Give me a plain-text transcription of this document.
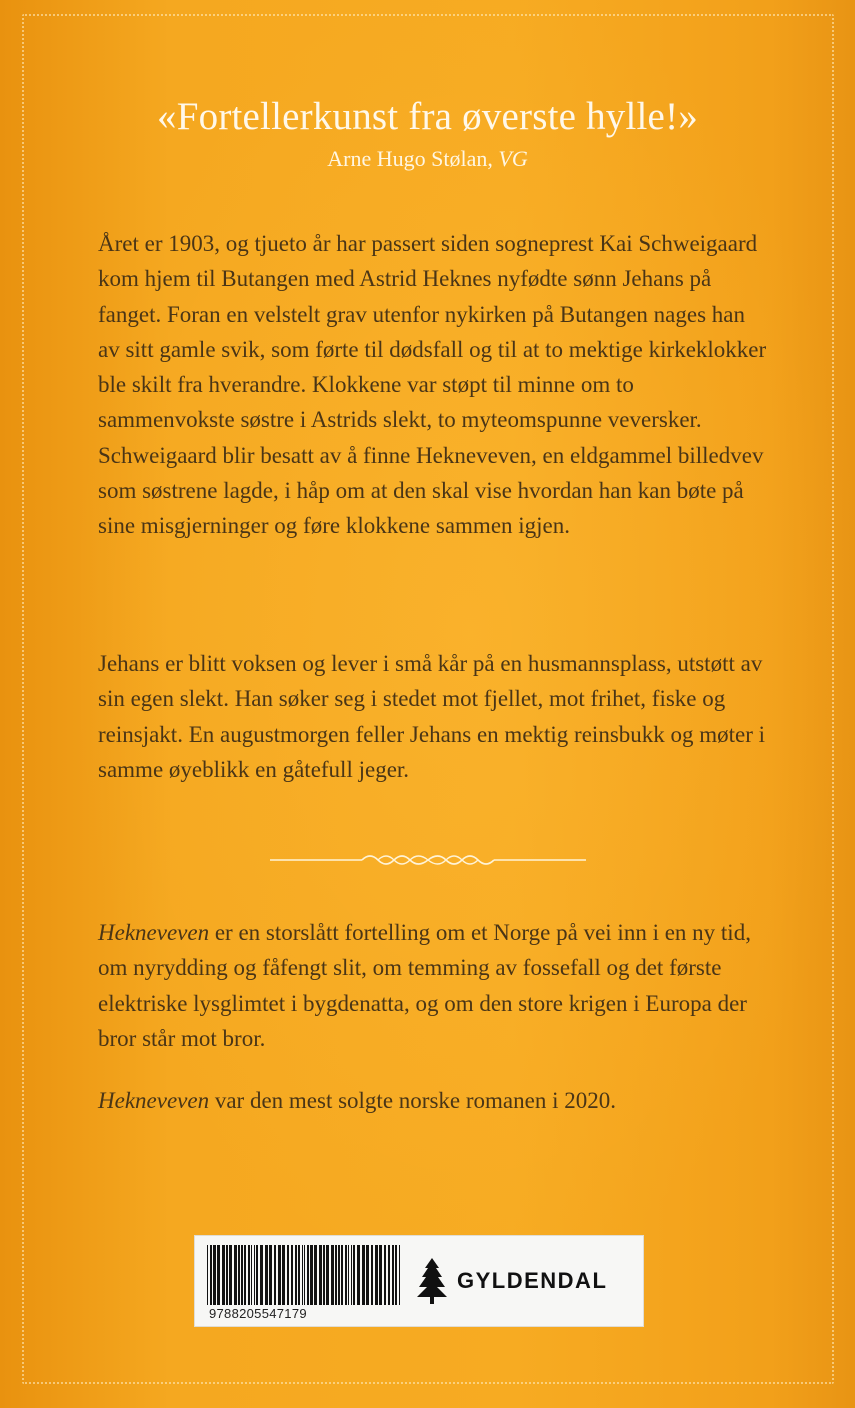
«Fortellerkunst fra øverste hylle!»
Arne Hugo Stølan, VG

Året er 1903, og tjueto år har passert siden sogneprest Kai Schweigaard kom hjem til Butangen med Astrid Heknes nyfødte sønn Jehans på fanget. Foran en velstelt grav utenfor nykirken på Butangen nages han av sitt gamle svik, som førte til dødsfall og til at to mektige kirkeklokker ble skilt fra hverandre. Klokkene var støpt til minne om to sammenvokste søstre i Astrids slekt, to myteomspunne veversker. Schweigaard blir besatt av å finne Hekneveven, en eldgammel billedvev som søstrene lagde, i håp om at den skal vise hvordan han kan bøte på sine misgjerninger og føre klokkene sammen igjen.

Jehans er blitt voksen og lever i små kår på en husmannsplass, utstøtt av sin egen slekt. Han søker seg i stedet mot fjellet, mot frihet, fiske og reinsjakt. En augustmorgen feller Jehans en mektig reinsbukk og møter i samme øyeblikk en gåtefull jeger.

Hekneveven er en storslått fortelling om et Norge på vei inn i en ny tid, om nyrydding og fåfengt slit, om temming av fossefall og det første elektriske lysglimtet i bygdenatta, og om den store krigen i Europa der bror står mot bror.

Hekneveven var den mest solgte norske romanen i 2020.

9788205547179
GYLDENDAL
